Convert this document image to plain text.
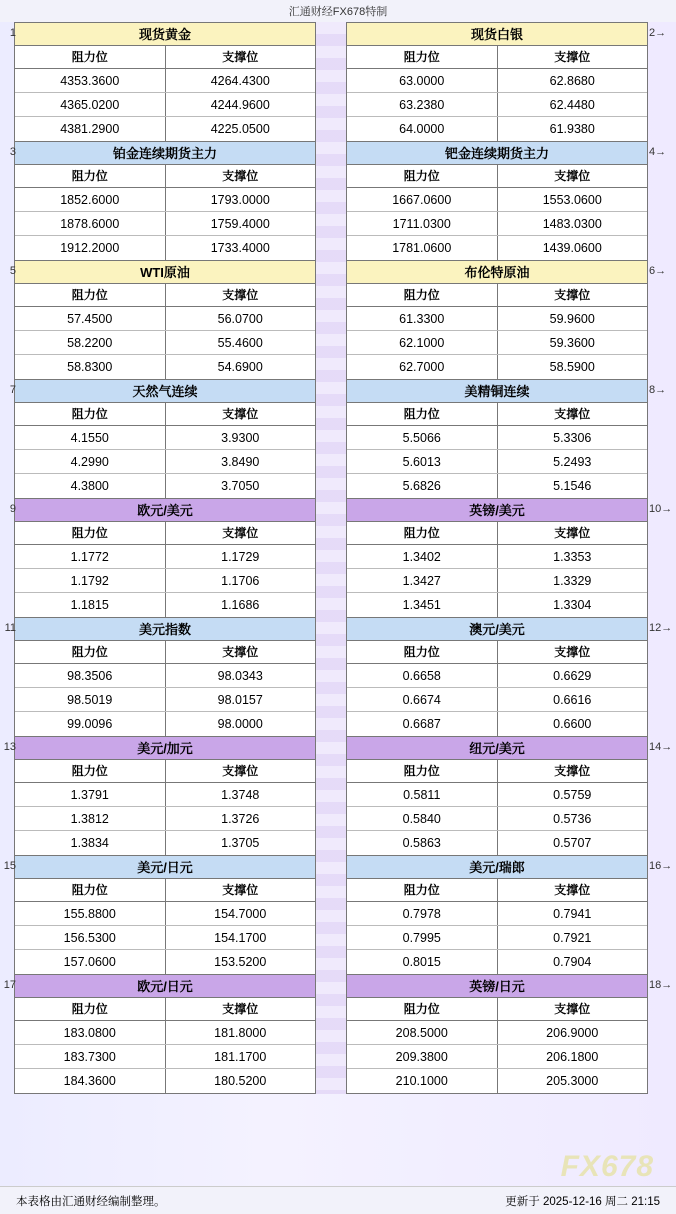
汇通财经FX678特制
1	现货黄金
阻力位	支撑位
4353.3600	4264.4300
4365.0200	4244.9600
4381.2900	4225.0500
3	铂金连续期货主力
阻力位	支撑位
1852.6000	1793.0000
1878.6000	1759.4000
1912.2000	1733.4000
5	WTI原油
阻力位	支撑位
57.4500	56.0700
58.2200	55.4600
58.8300	54.6900
7	天然气连续
阻力位	支撑位
4.1550	3.9300
4.2990	3.8490
4.3800	3.7050
9	欧元/美元
阻力位	支撑位
1.1772	1.1729
1.1792	1.1706
1.1815	1.1686
11	美元指数
阻力位	支撑位
98.3506	98.0343
98.5019	98.0157
99.0096	98.0000
13	美元/加元
阻力位	支撑位
1.3791	1.3748
1.3812	1.3726
1.3834	1.3705
15	美元/日元
阻力位	支撑位
155.8800	154.7000
156.5300	154.1700
157.0600	153.5200
17	欧元/日元
阻力位	支撑位
183.0800	181.8000
183.7300	181.1700
184.3600	180.5200
2→
现货白银
阻力位	支撑位
63.0000	62.8680
63.2380	62.4480
64.0000	61.9380
4→
钯金连续期货主力
阻力位	支撑位
1667.0600	1553.0600
1711.0300	1483.0300
1781.0600	1439.0600
6→
布伦特原油
阻力位	支撑位
61.3300	59.9600
62.1000	59.3600
62.7000	58.5900
8→
美精铜连续
阻力位	支撑位
5.5066	5.3306
5.6013	5.2493
5.6826	5.1546
10→
英镑/美元
阻力位	支撑位
1.3402	1.3353
1.3427	1.3329
1.3451	1.3304
12→
澳元/美元
阻力位	支撑位
0.6658	0.6629
0.6674	0.6616
0.6687	0.6600
14→
纽元/美元
阻力位	支撑位
0.5811	0.5759
0.5840	0.5736
0.5863	0.5707
16→
美元/瑞郎
阻力位	支撑位
0.7978	0.7941
0.7995	0.7921
0.8015	0.7904
18→
英镑/日元
阻力位	支撑位
208.5000	206.9000
209.3800	206.1800
210.1000	205.3000
FX678
本表格由汇通财经编制整理。	更新于 2025-12-16 周二 21:15
